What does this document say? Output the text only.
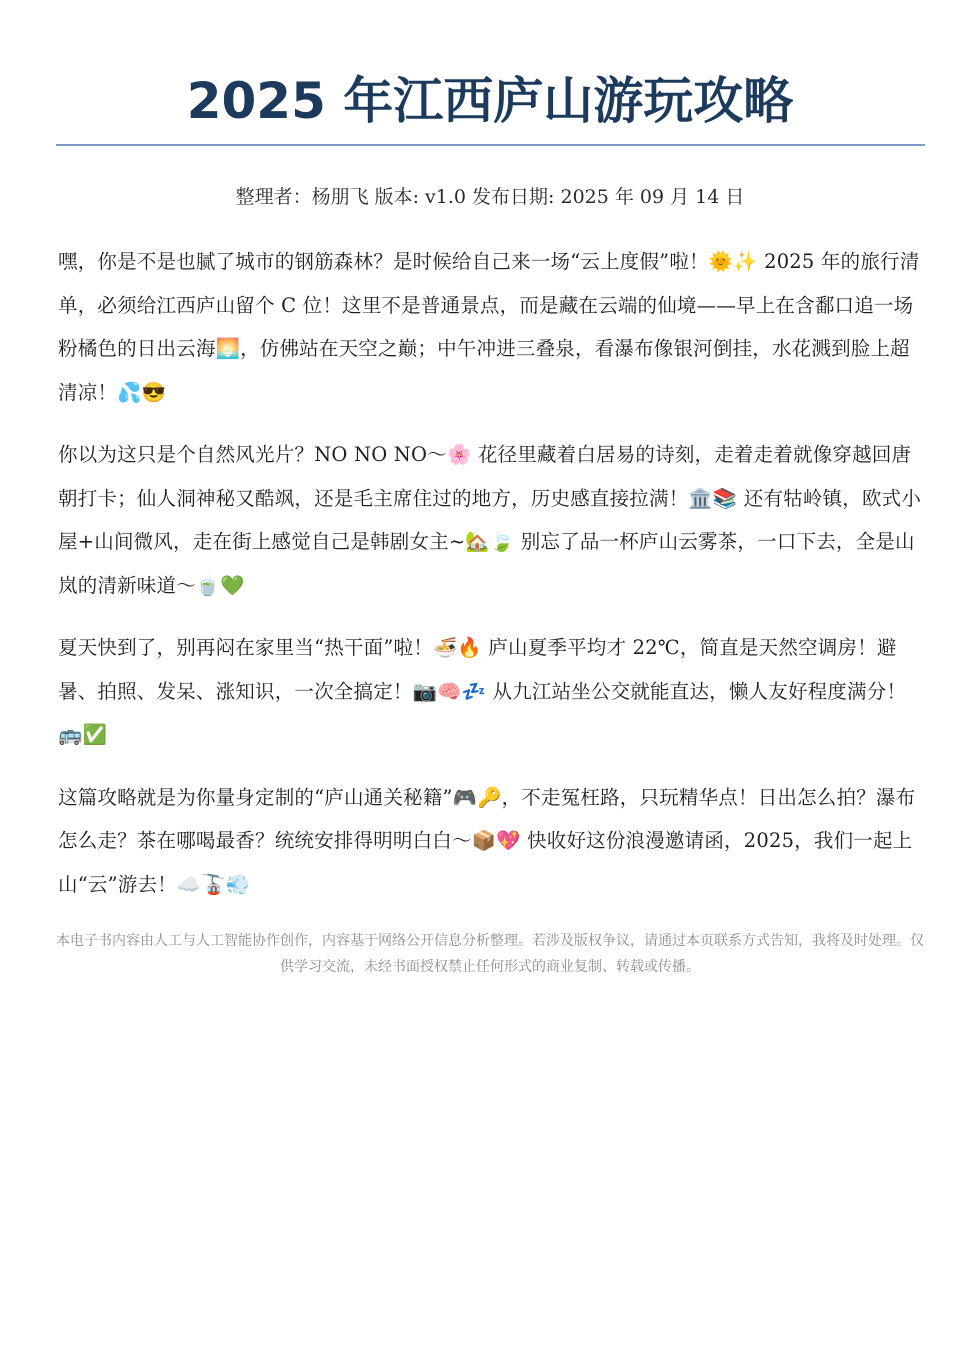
2025 年江西庐山游玩攻略
整理者：杨朋飞 版本: v1.0 发布日期: 2025 年 09 月 14 日

嘿，你是不是也腻了城市的钢筋森林？是时候给自己来一场“云上度假”啦！🌞✨ 2025 年的旅行清单，必须给江西庐山留个 C 位！这里不是普通景点，而是藏在云端的仙境——早上在含鄱口追一场粉橘色的日出云海🌅，仿佛站在天空之巅；中午冲进三叠泉，看瀑布像银河倒挂，水花溅到脸上超清凉！💦😎

你以为这只是个自然风光片？NO NO NO～🌸 花径里藏着白居易的诗刻，走着走着就像穿越回唐朝打卡；仙人洞神秘又酷飒，还是毛主席住过的地方，历史感直接拉满！🏛️📚 还有牯岭镇，欧式小屋+山间微风，走在街上感觉自己是韩剧女主~🏡🍃 别忘了品一杯庐山云雾茶，一口下去，全是山岚的清新味道～🍵💚

夏天快到了，别再闷在家里当“热干面”啦！🍜🔥 庐山夏季平均才 22℃，简直是天然空调房！避暑、拍照、发呆、涨知识，一次全搞定！📷🧠💤 从九江站坐公交就能直达，懒人友好程度满分！🚌✅

这篇攻略就是为你量身定制的“庐山通关秘籍”🎮🔑，不走冤枉路，只玩精华点！日出怎么拍？瀑布怎么走？茶在哪喝最香？统统安排得明明白白～📦💖 快收好这份浪漫邀请函，2025，我们一起上山“云”游去！☁️🚡💨

本电子书内容由人工与人工智能协作创作，内容基于网络公开信息分析整理。若涉及版权争议，请通过本页联系方式告知，我将及时处理。仅供学习交流，未经书面授权禁止任何形式的商业复制、转载或传播。
